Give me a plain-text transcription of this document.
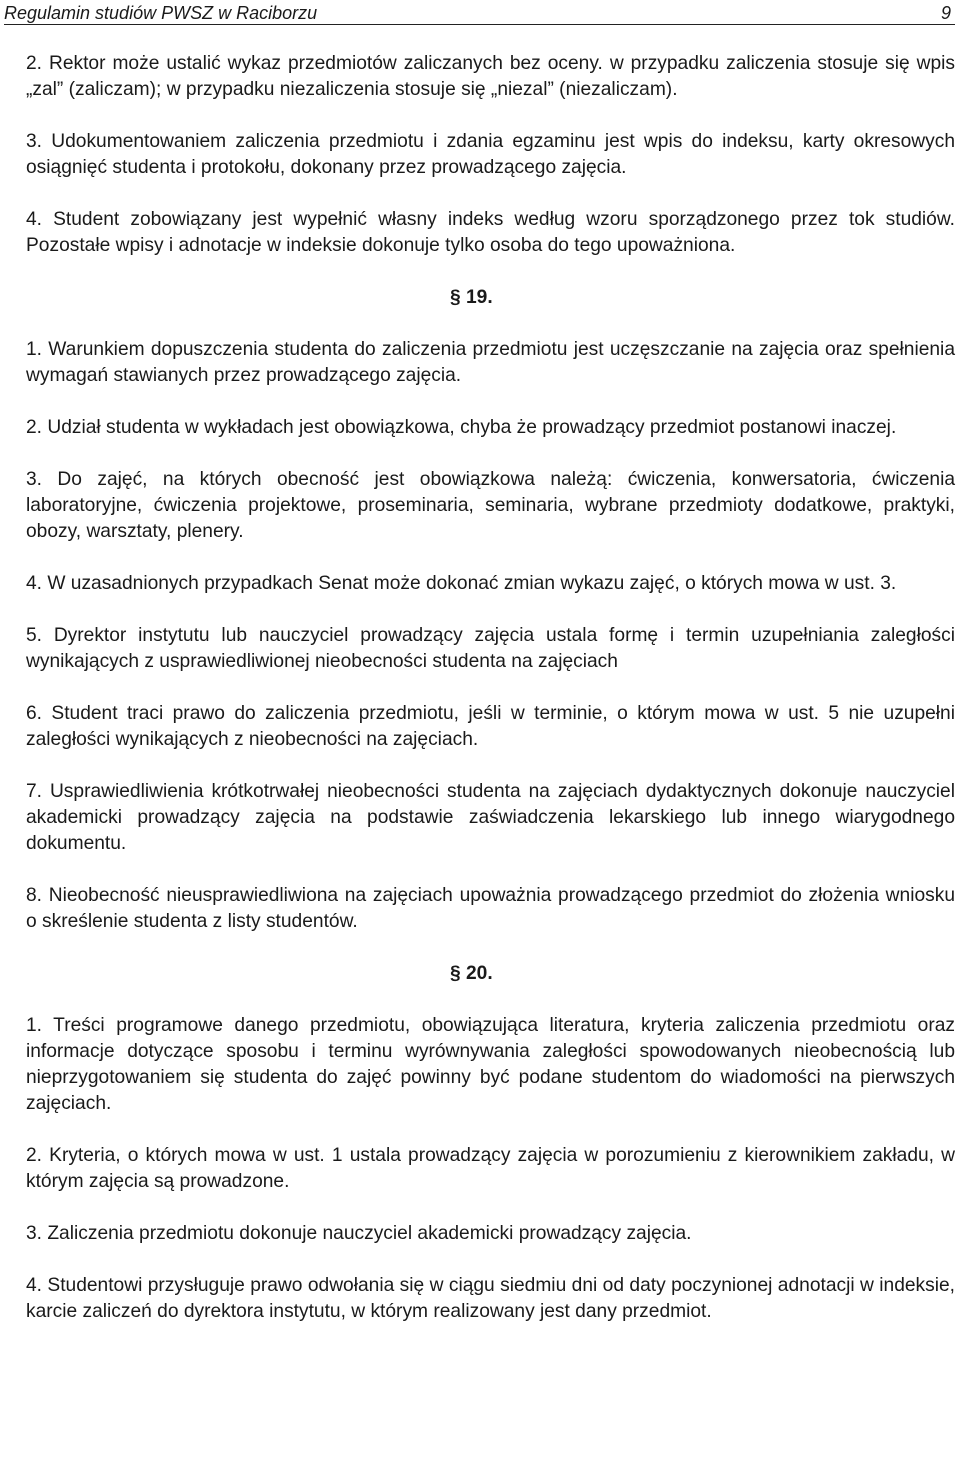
Regulamin studiów PWSZ w Raciborzu	9

2. Rektor może ustalić wykaz przedmiotów zaliczanych bez oceny. w przypadku zaliczenia stosuje się wpis „zal” (zaliczam); w przypadku niezaliczenia stosuje się „niezal” (niezaliczam).

3. Udokumentowaniem zaliczenia przedmiotu i zdania egzaminu jest wpis do indeksu, karty okresowych osiągnięć studenta i protokołu, dokonany przez prowadzącego zajęcia.

4. Student zobowiązany jest wypełnić własny indeks według wzoru sporządzonego przez tok studiów. Pozostałe wpisy i adnotacje w indeksie dokonuje tylko osoba do tego upoważniona.

§ 19.

1. Warunkiem dopuszczenia studenta do zaliczenia przedmiotu jest uczęszczanie na zajęcia oraz spełnienia wymagań stawianych przez prowadzącego zajęcia.

2. Udział studenta w wykładach jest obowiązkowa, chyba że prowadzący przedmiot postanowi inaczej.

3. Do zajęć, na których obecność jest obowiązkowa należą: ćwiczenia, konwersatoria, ćwiczenia laboratoryjne, ćwiczenia projektowe, proseminaria, seminaria, wybrane przedmioty dodatkowe, praktyki, obozy, warsztaty, plenery.

4. W uzasadnionych przypadkach Senat może dokonać zmian wykazu zajęć, o których mowa w ust. 3.

5. Dyrektor instytutu lub nauczyciel prowadzący zajęcia ustala formę i termin uzupełniania zaległości wynikających z usprawiedliwionej nieobecności studenta na zajęciach

6. Student traci prawo do zaliczenia przedmiotu, jeśli w terminie, o którym mowa w ust. 5 nie uzupełni zaległości wynikających z nieobecności na zajęciach.

7. Usprawiedliwienia krótkotrwałej nieobecności studenta na zajęciach dydaktycznych dokonuje nauczyciel akademicki prowadzący zajęcia na podstawie zaświadczenia lekarskiego lub innego wiarygodnego dokumentu.

8. Nieobecność nieusprawiedliwiona na zajęciach upoważnia prowadzącego przedmiot do złożenia wniosku o skreślenie studenta z listy studentów.

§ 20.

1. Treści programowe danego przedmiotu, obowiązująca literatura, kryteria zaliczenia przedmiotu oraz informacje dotyczące sposobu i terminu wyrównywania zaległości spowodowanych nieobecnością lub nieprzygotowaniem się studenta do zajęć powinny być podane studentom do wiadomości na pierwszych zajęciach.

2. Kryteria, o których mowa w ust. 1 ustala prowadzący zajęcia w porozumieniu z kierownikiem zakładu, w którym zajęcia są prowadzone.

3. Zaliczenia przedmiotu dokonuje nauczyciel akademicki prowadzący zajęcia.

4. Studentowi przysługuje prawo odwołania się w ciągu siedmiu dni od daty poczynionej adnotacji w indeksie, karcie zaliczeń do dyrektora instytutu, w którym realizowany jest dany przedmiot.
